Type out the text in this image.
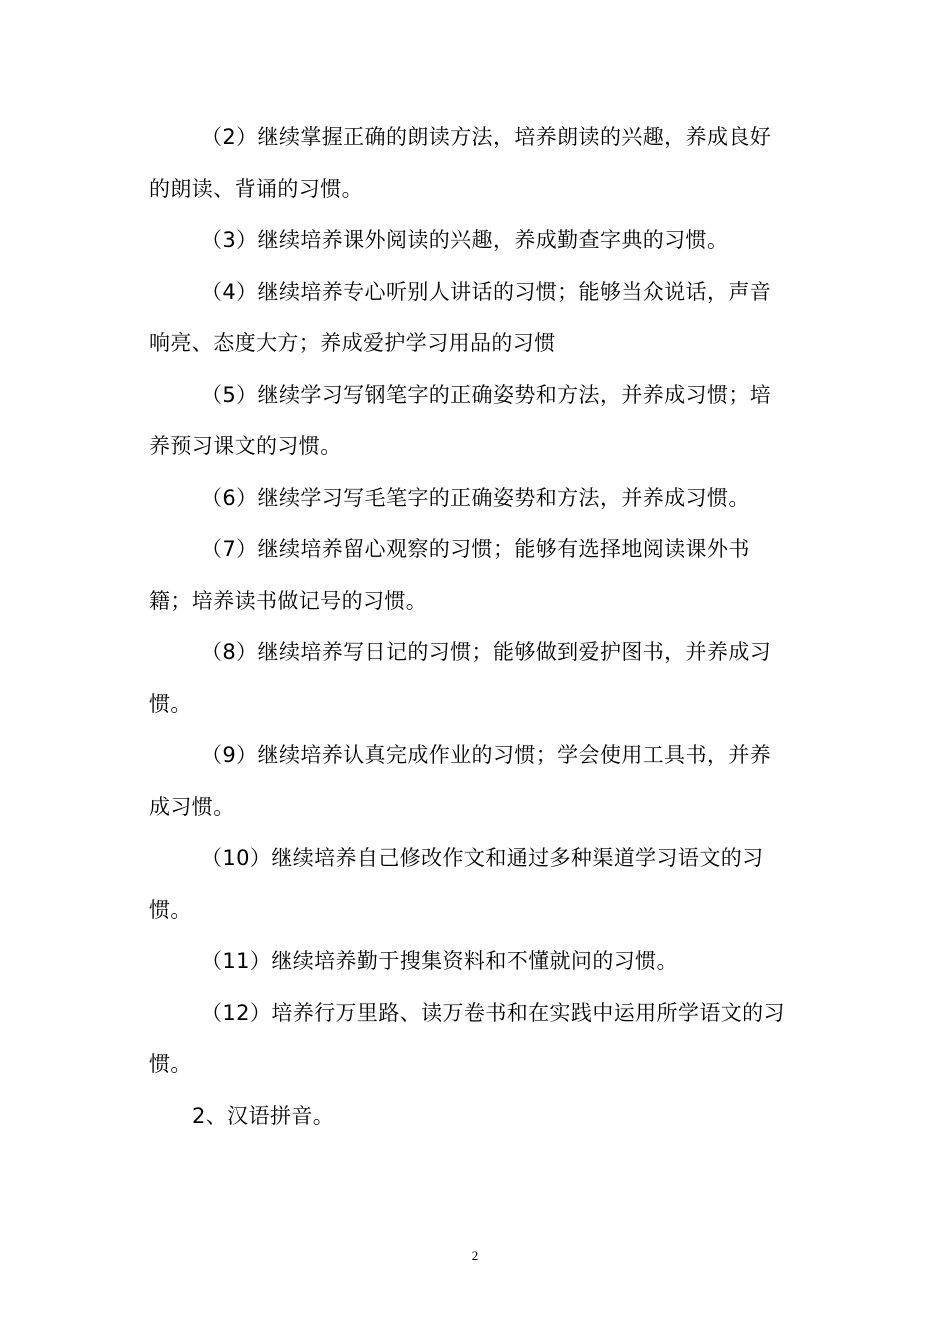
（2）继续掌握正确的朗读方法，培养朗读的兴趣，养成良好

的朗读、背诵的习惯。

（3）继续培养课外阅读的兴趣，养成勤查字典的习惯。

（4）继续培养专心听别人讲话的习惯；能够当众说话，声音

响亮、态度大方；养成爱护学习用品的习惯

（5）继续学习写钢笔字的正确姿势和方法，并养成习惯；培

养预习课文的习惯。

（6）继续学习写毛笔字的正确姿势和方法，并养成习惯。

（7）继续培养留心观察的习惯；能够有选择地阅读课外书

籍；培养读书做记号的习惯。

（8）继续培养写日记的习惯；能够做到爱护图书，并养成习

惯。

（9）继续培养认真完成作业的习惯；学会使用工具书，并养

成习惯。

（10）继续培养自己修改作文和通过多种渠道学习语文的习

惯。

（11）继续培养勤于搜集资料和不懂就问的习惯。

（12）培养行万里路、读万卷书和在实践中运用所学语文的习

惯。

2、汉语拼音。

2
